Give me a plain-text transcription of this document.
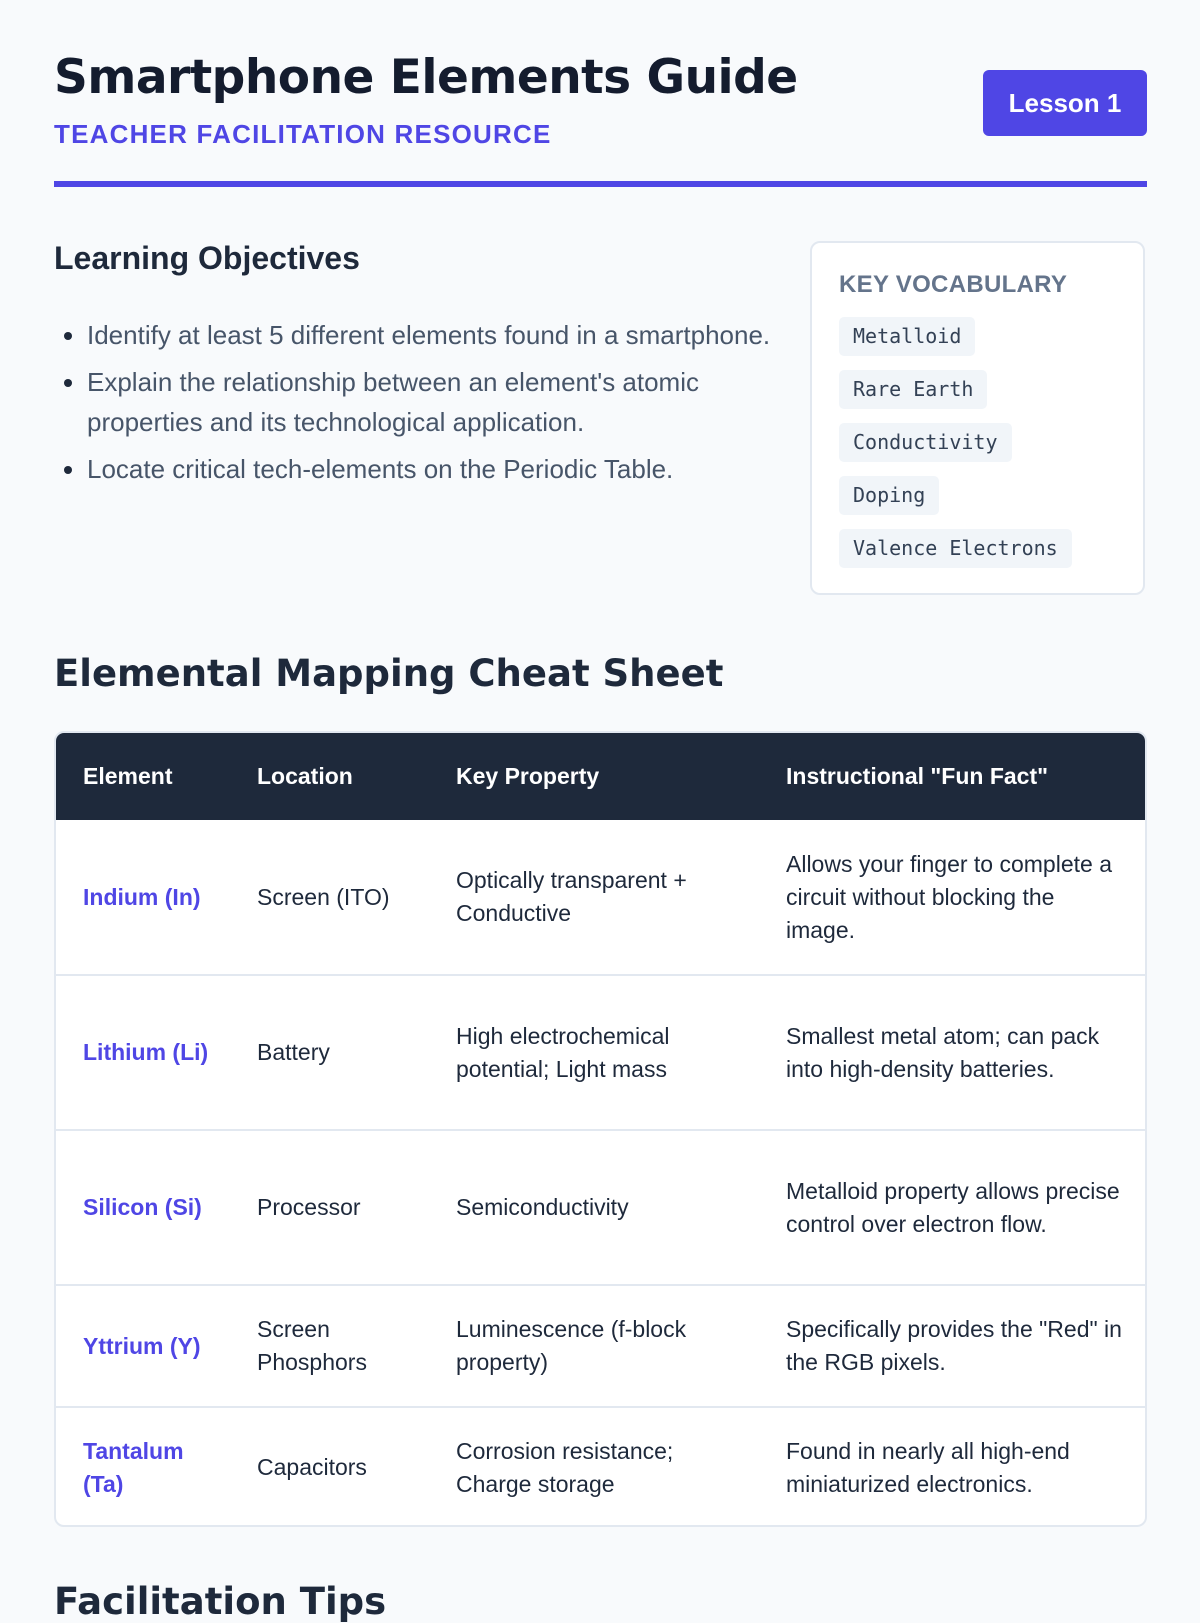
Smartphone Elements Guide
TEACHER FACILITATION RESOURCE
Lesson 1
Learning Objectives
• Identify at least 5 different elements found in a smartphone.
• Explain the relationship between an element's atomic properties and its technological application.
• Locate critical tech-elements on the Periodic Table.
KEY VOCABULARY
Metalloid
Rare Earth
Conductivity
Doping
Valence Electrons
Elemental Mapping Cheat Sheet
Element	Location	Key Property	Instructional "Fun Fact"
Indium (In)	Screen (ITO)	Optically transparent + Conductive	Allows your finger to complete a circuit without blocking the image.
Lithium (Li)	Battery	High electrochemical potential; Light mass	Smallest metal atom; can pack into high-density batteries.
Silicon (Si)	Processor	Semiconductivity	Metalloid property allows precise control over electron flow.
Yttrium (Y)	Screen Phosphors	Luminescence (f-block property)	Specifically provides the "Red" in the RGB pixels.
Tantalum (Ta)	Capacitors	Corrosion resistance; Charge storage	Found in nearly all high-end miniaturized electronics.
Facilitation Tips
